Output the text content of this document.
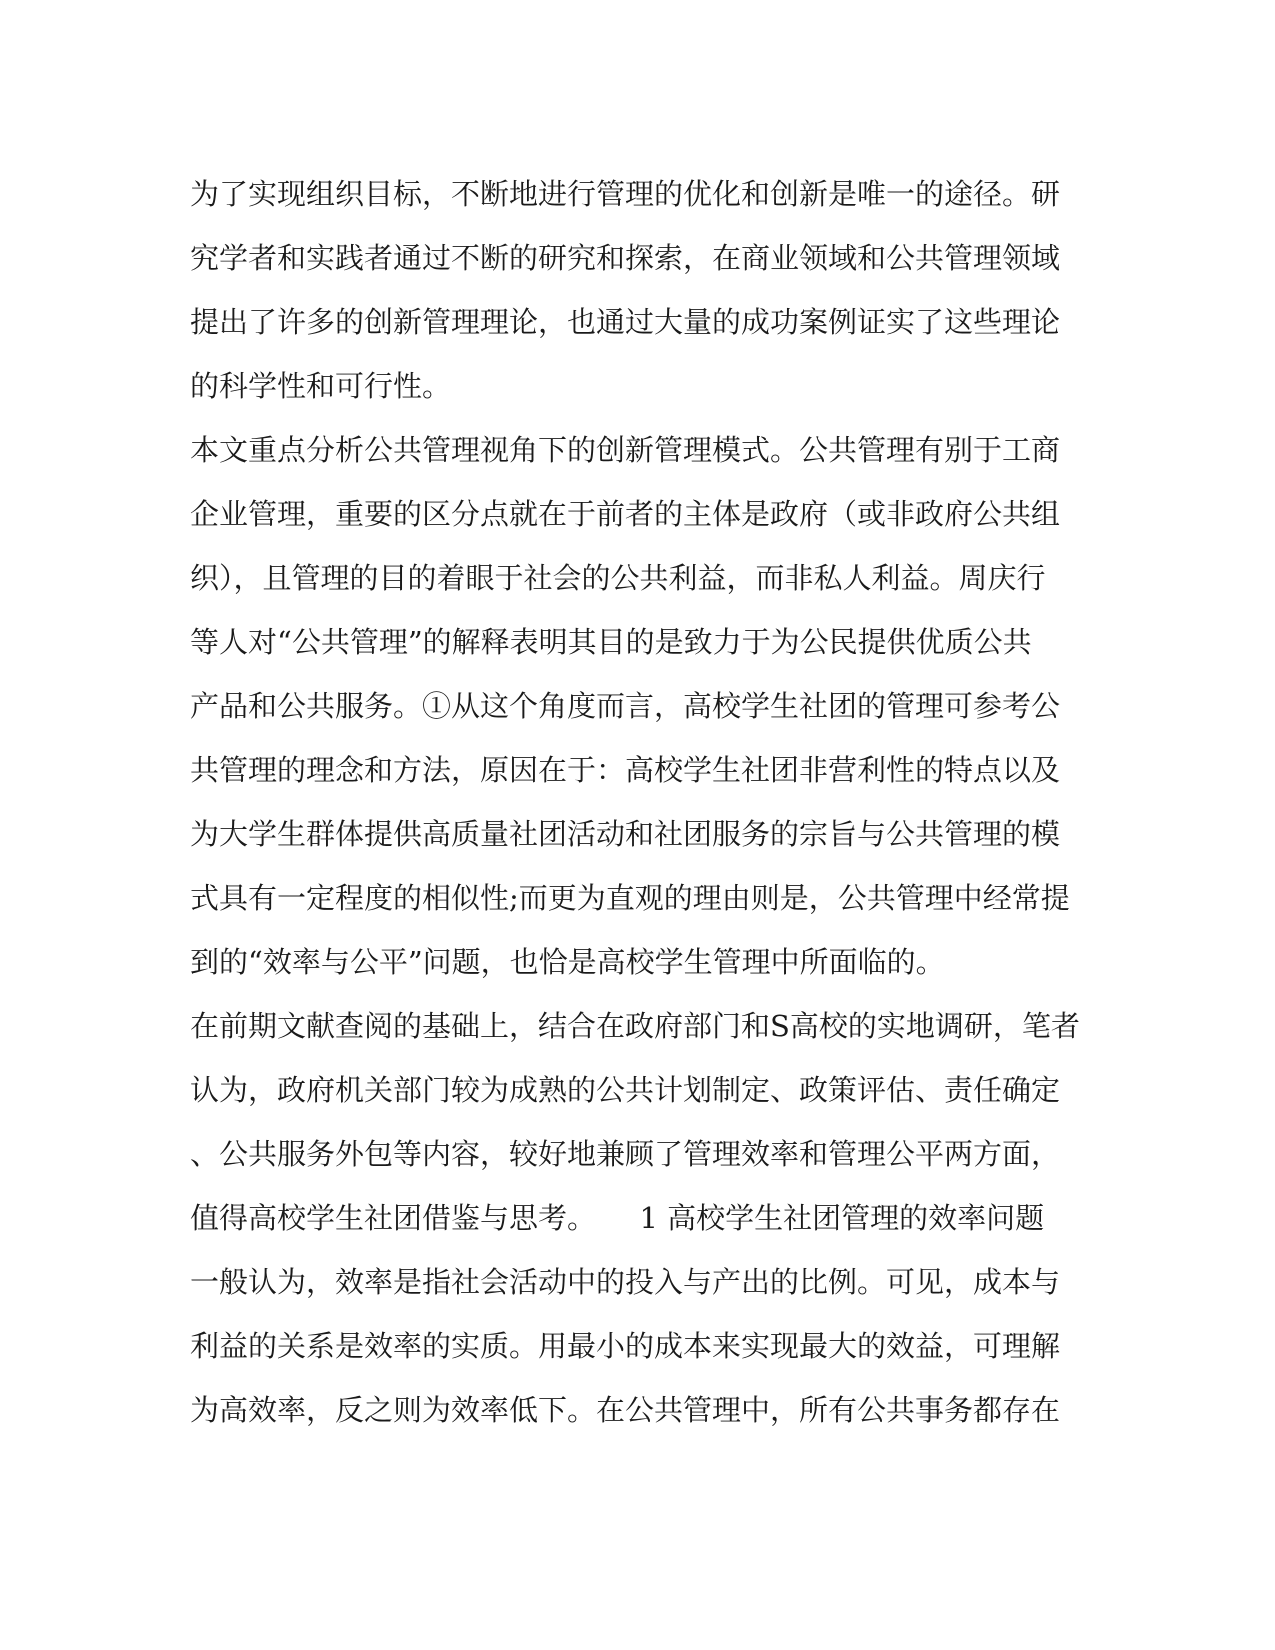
为了实现组织目标，不断地进行管理的优化和创新是唯一的途径。研
究学者和实践者通过不断的研究和探索，在商业领域和公共管理领域
提出了许多的创新管理理论，也通过大量的成功案例证实了这些理论
的科学性和可行性。
本文重点分析公共管理视角下的创新管理模式。公共管理有别于工商
企业管理，重要的区分点就在于前者的主体是政府（或非政府公共组
织），且管理的目的着眼于社会的公共利益，而非私人利益。周庆行
等人对“公共管理”的解释表明其目的是致力于为公民提供优质公共
产品和公共服务。①从这个角度而言，高校学生社团的管理可参考公
共管理的理念和方法，原因在于：高校学生社团非营利性的特点以及
为大学生群体提供高质量社团活动和社团服务的宗旨与公共管理的模
式具有一定程度的相似性;而更为直观的理由则是，公共管理中经常提
到的“效率与公平”问题，也恰是高校学生管理中所面临的。
在前期文献查阅的基础上，结合在政府部门和S高校的实地调研，笔者
认为，政府机关部门较为成熟的公共计划制定、政策评估、责任确定
、公共服务外包等内容，较好地兼顾了管理效率和管理公平两方面，
值得高校学生社团借鉴与思考。　　1 高校学生社团管理的效率问题
一般认为，效率是指社会活动中的投入与产出的比例。可见，成本与
利益的关系是效率的实质。用最小的成本来实现最大的效益，可理解
为高效率，反之则为效率低下。在公共管理中，所有公共事务都存在
